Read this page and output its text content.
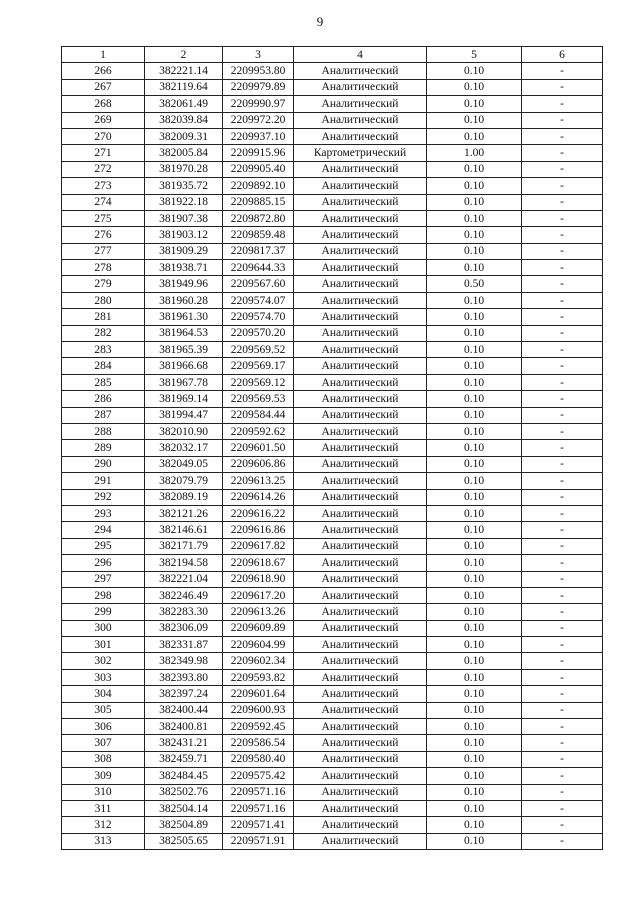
9
1	2	3	4	5	6
266	382221.14	2209953.80	Аналитический	0.10	-
267	382119.64	2209979.89	Аналитический	0.10	-
268	382061.49	2209990.97	Аналитический	0.10	-
269	382039.84	2209972.20	Аналитический	0.10	-
270	382009.31	2209937.10	Аналитический	0.10	-
271	382005.84	2209915.96	Картометрический	1.00	-
272	381970.28	2209905.40	Аналитический	0.10	-
273	381935.72	2209892.10	Аналитический	0.10	-
274	381922.18	2209885.15	Аналитический	0.10	-
275	381907.38	2209872.80	Аналитический	0.10	-
276	381903.12	2209859.48	Аналитический	0.10	-
277	381909.29	2209817.37	Аналитический	0.10	-
278	381938.71	2209644.33	Аналитический	0.10	-
279	381949.96	2209567.60	Аналитический	0.50	-
280	381960.28	2209574.07	Аналитический	0.10	-
281	381961.30	2209574.70	Аналитический	0.10	-
282	381964.53	2209570.20	Аналитический	0.10	-
283	381965.39	2209569.52	Аналитический	0.10	-
284	381966.68	2209569.17	Аналитический	0.10	-
285	381967.78	2209569.12	Аналитический	0.10	-
286	381969.14	2209569.53	Аналитический	0.10	-
287	381994.47	2209584.44	Аналитический	0.10	-
288	382010.90	2209592.62	Аналитический	0.10	-
289	382032.17	2209601.50	Аналитический	0.10	-
290	382049.05	2209606.86	Аналитический	0.10	-
291	382079.79	2209613.25	Аналитический	0.10	-
292	382089.19	2209614.26	Аналитический	0.10	-
293	382121.26	2209616.22	Аналитический	0.10	-
294	382146.61	2209616.86	Аналитический	0.10	-
295	382171.79	2209617.82	Аналитический	0.10	-
296	382194.58	2209618.67	Аналитический	0.10	-
297	382221.04	2209618.90	Аналитический	0.10	-
298	382246.49	2209617.20	Аналитический	0.10	-
299	382283.30	2209613.26	Аналитический	0.10	-
300	382306.09	2209609.89	Аналитический	0.10	-
301	382331.87	2209604.99	Аналитический	0.10	-
302	382349.98	2209602.34	Аналитический	0.10	-
303	382393.80	2209593.82	Аналитический	0.10	-
304	382397.24	2209601.64	Аналитический	0.10	-
305	382400.44	2209600.93	Аналитический	0.10	-
306	382400.81	2209592.45	Аналитический	0.10	-
307	382431.21	2209586.54	Аналитический	0.10	-
308	382459.71	2209580.40	Аналитический	0.10	-
309	382484.45	2209575.42	Аналитический	0.10	-
310	382502.76	2209571.16	Аналитический	0.10	-
311	382504.14	2209571.16	Аналитический	0.10	-
312	382504.89	2209571.41	Аналитический	0.10	-
313	382505.65	2209571.91	Аналитический	0.10	-
